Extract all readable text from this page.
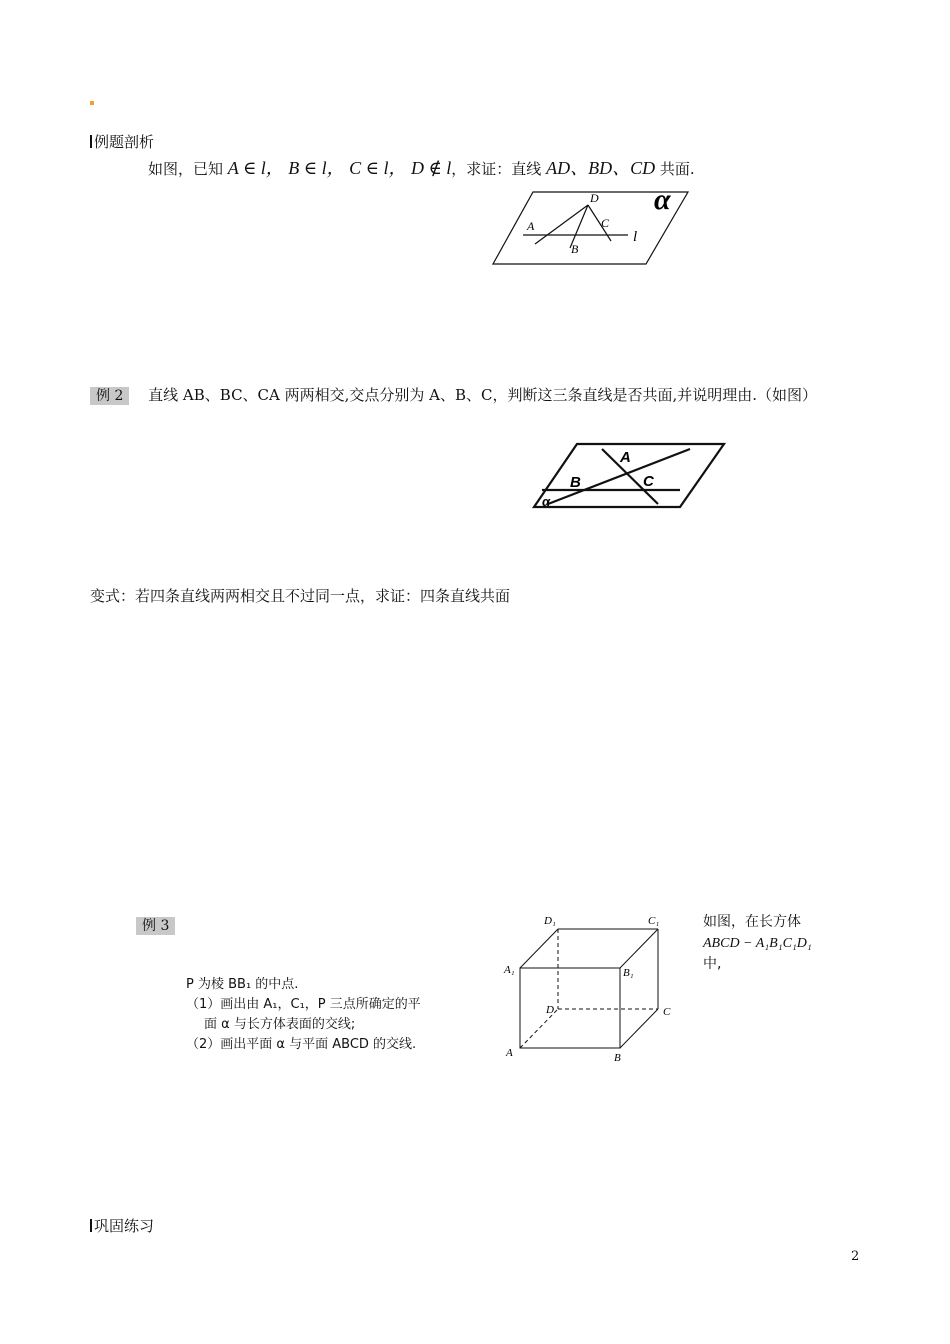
例题剖析
如图，已知 A ∈ l， B ∈ l， C ∈ l， D ∉ l，求证：直线 AD、BD、CD 共面.
D α
A	C
l
B
例 2 直线 AB、BC、CA 两两相交,交点分别为 A、B、C，判断这三条直线是否共面,并说明理由.（如图）
A
B	C
α
变式：若四条直线两两相交且不过同一点，求证：四条直线共面
例 3
P 为棱 BB₁ 的中点.
（1）画出由 A₁，C₁，P 三点所确定的平
面 α 与长方体表面的交线;
（2）画出平面 α 与平面 ABCD 的交线.
D₁	C₁
A₁	B₁
D	C
A	B
如图，在长方体
ABCD − A₁B₁C₁D₁
中,
巩固练习
2
